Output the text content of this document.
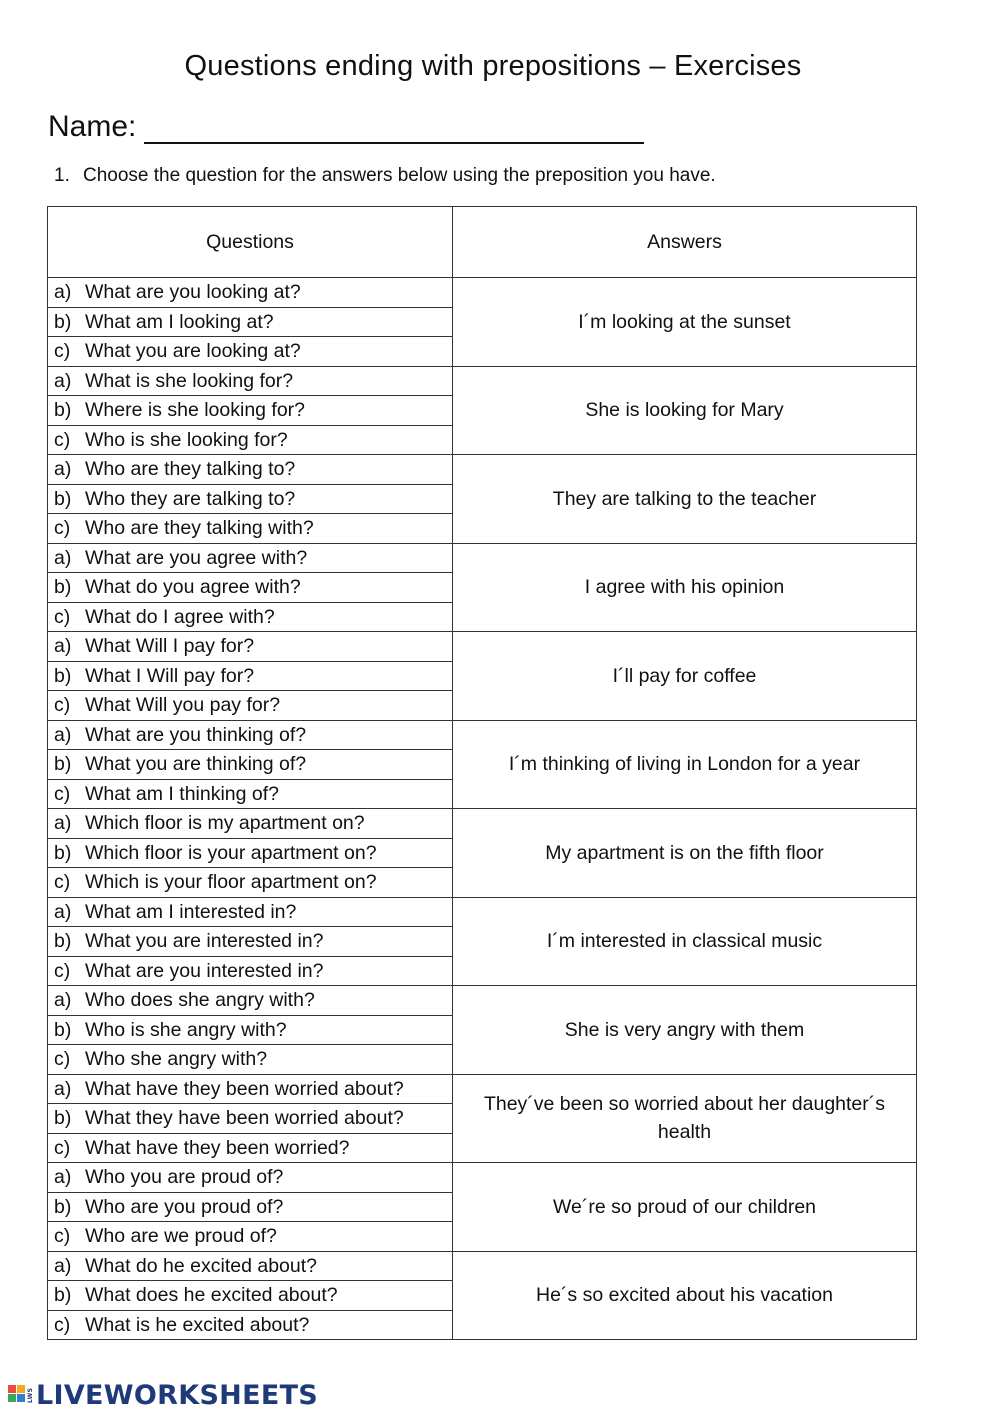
Questions ending with prepositions – Exercises
Name:
1. Choose the question for the answers below using the preposition you have.
Questions	Answers
a) What are you looking at?	I´m looking at the sunset
b) What am I looking at?	
c) What you are looking at?	
a) What is she looking for?	She is looking for Mary
b) Where is she looking for?	
c) Who is she looking for?	
a) Who are they talking to?	They are talking to the teacher
b) Who they are talking to?	
c) Who are they talking with?	
a) What are you agree with?	I agree with his opinion
b) What do you agree with?	
c) What do I agree with?	
a) What Will I pay for?	I´ll pay for coffee
b) What I Will pay for?	
c) What Will you pay for?	
a) What are you thinking of?	I´m thinking of living in London for a year
b) What you are thinking of?	
c) What am I thinking of?	
a) Which floor is my apartment on?	My apartment is on the fifth floor
b) Which floor is your apartment on?	
c) Which is your floor apartment on?	
a) What am I interested in?	I´m interested in classical music
b) What you are interested in?	
c) What are you interested in?	
a) Who does she angry with?	She is very angry with them
b) Who is she angry with?	
c) Who she angry with?	
a) What have they been worried about?	They´ve been so worried about her daughter´s health
b) What they have been worried about?	
c) What have they been worried?	
a) Who you are proud of?	We´re so proud of our children
b) Who are you proud of?	
c) Who are we proud of?	
a) What do he excited about?	He´s so excited about his vacation
b) What does he excited about?	
c) What is he excited about?	
LWS LIVEWORKSHEETS
